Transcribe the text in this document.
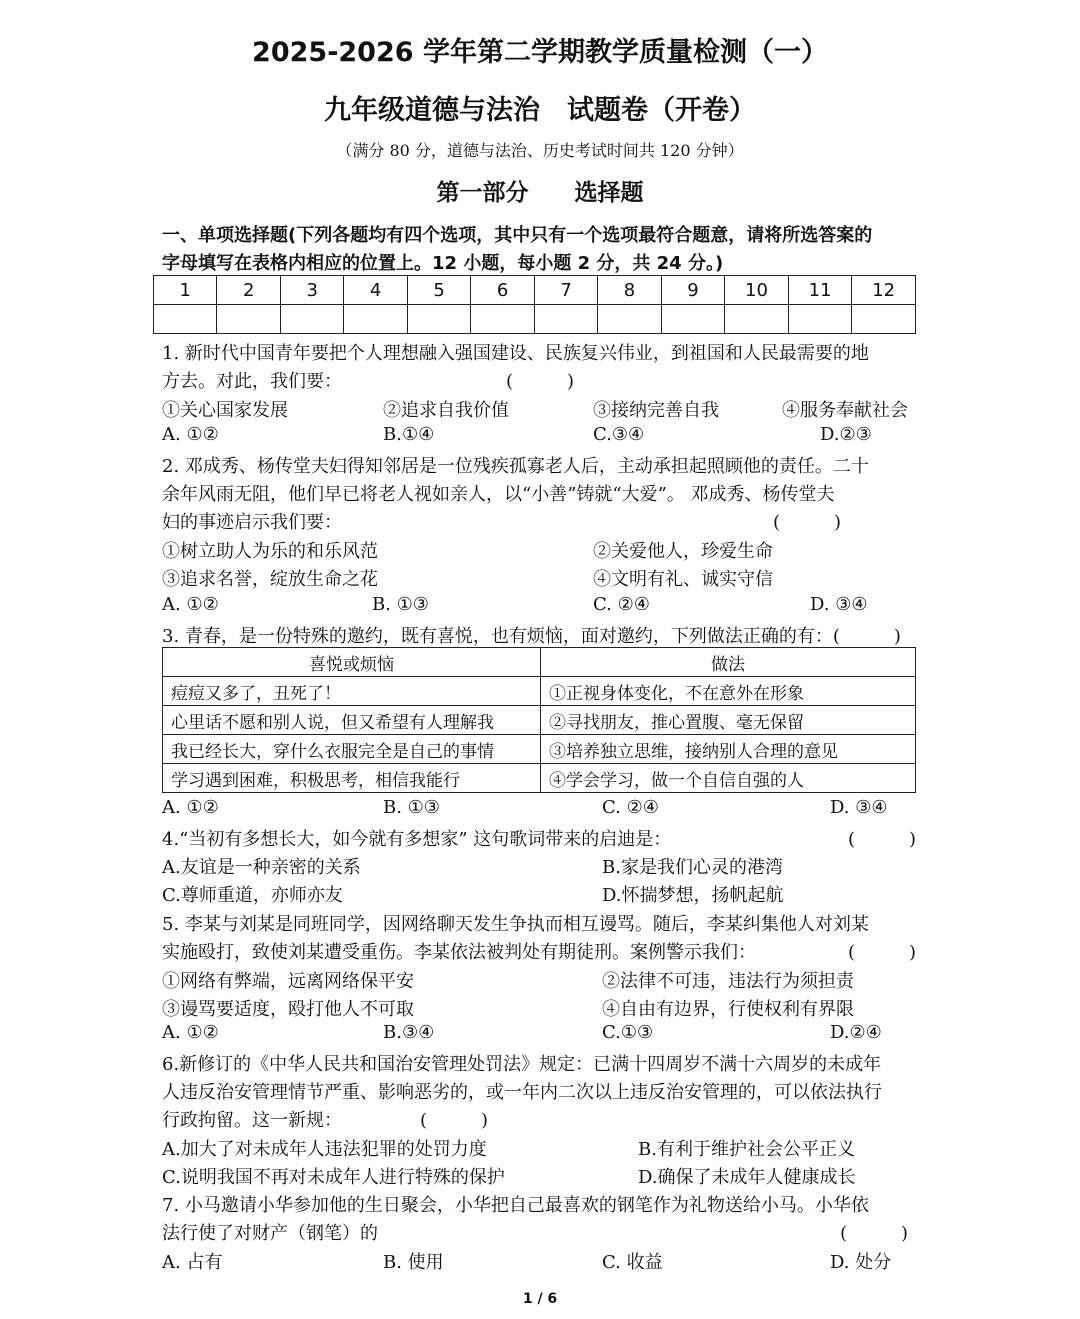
2025-2026 学年第二学期教学质量检测（一）
九年级道德与法治　试题卷（开卷）
（满分 80 分，道德与法治、历史考试时间共 120 分钟）
第一部分　　选择题
一、单项选择题(下列各题均有四个选项，其中只有一个选项最符合题意，请将所选答案的
字母填写在表格内相应的位置上。12 小题，每小题 2 分，共 24 分。)
1	2	3	4	5	6	7	8	9	10	11	12

1. 新时代中国青年要把个人理想融入强国建设、民族复兴伟业，到祖国和人民最需要的地
方去。对此，我们要：	(　　　)
①关心国家发展	②追求自我价值	③接纳完善自我	④服务奉献社会
A. ①②	B.①④	C.③④	D.②③
2. 邓成秀、杨传堂夫妇得知邻居是一位残疾孤寡老人后，主动承担起照顾他的责任。二十
余年风雨无阻，他们早已将老人视如亲人，以“小善”铸就“大爱”。 邓成秀、杨传堂夫
妇的事迹启示我们要：	(　　　)
①树立助人为乐的和乐风范	②关爱他人，珍爱生命
③追求名誉，绽放生命之花	④文明有礼、诚实守信
A. ①②	B. ①③	C. ②④	D. ③④
3. 青春，是一份特殊的邀约，既有喜悦，也有烦恼，面对邀约，下列做法正确的有：(　　　)
喜悦或烦恼	做法
痘痘又多了，丑死了！	①正视身体变化，不在意外在形象
心里话不愿和别人说，但又希望有人理解我	②寻找朋友，推心置腹、毫无保留
我已经长大，穿什么衣服完全是自己的事情	③培养独立思维，接纳别人合理的意见
学习遇到困难，积极思考，相信我能行	④学会学习，做一个自信自强的人
A. ①②	B. ①③	C. ②④	D. ③④
4.“当初有多想长大，如今就有多想家” 这句歌词带来的启迪是：	(　　　)
A.友谊是一种亲密的关系	B.家是我们心灵的港湾
C.尊师重道，亦师亦友	D.怀揣梦想，扬帆起航
5. 李某与刘某是同班同学，因网络聊天发生争执而相互谩骂。随后，李某纠集他人对刘某
实施殴打，致使刘某遭受重伤。李某依法被判处有期徒刑。案例警示我们：	(　　　)
①网络有弊端，远离网络保平安	②法律不可违，违法行为须担责
③谩骂要适度，殴打他人不可取	④自由有边界，行使权利有界限
A. ①②	B.③④	C.①③	D.②④
6.新修订的《中华人民共和国治安管理处罚法》规定：已满十四周岁不满十六周岁的未成年
人违反治安管理情节严重、影响恶劣的，或一年内二次以上违反治安管理的，可以依法执行
行政拘留。这一新规：	(　　　)
A.加大了对未成年人违法犯罪的处罚力度	B.有利于维护社会公平正义
C.说明我国不再对未成年人进行特殊的保护	D.确保了未成年人健康成长
7. 小马邀请小华参加他的生日聚会，小华把自己最喜欢的钢笔作为礼物送给小马。小华依
法行使了对财产（钢笔）的	(　　　)
A. 占有	B. 使用	C. 收益	D. 处分
1 / 6
